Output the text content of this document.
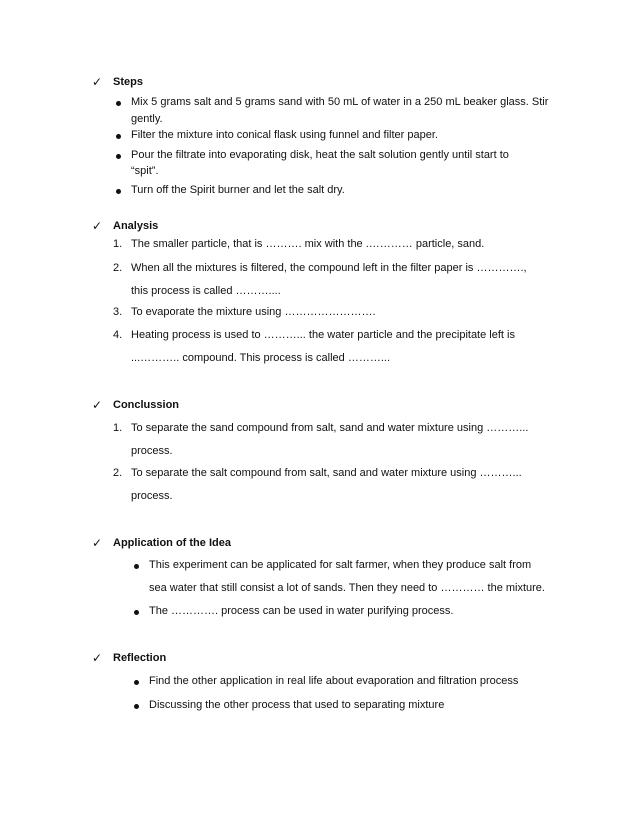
✓ Steps
Mix 5 grams salt and 5 grams sand with 50 mL of water in a 250 mL beaker glass. Stir
gently.
Filter the mixture into conical flask using funnel and filter paper.
Pour the filtrate into evaporating disk, heat the salt solution gently until start to
“spit”.
Turn off the Spirit burner and let the salt dry.
✓ Analysis
1. The smaller particle, that is ………. mix with the .………… particle, sand.
2. When all the mixtures is filtered, the compound left in the filter paper is ………….,
this process is called ………....
3. To evaporate the mixture using …………………….
4. Heating process is used to ………... the water particle and the precipitate left is
...……….. compound. This process is called ………...
✓ Conclussion
1. To separate the sand compound from salt, sand and water mixture using ………...
process.
2. To separate the salt compound from salt, sand and water mixture using ………...
process.
✓ Application of the Idea
This experiment can be applicated for salt farmer, when they produce salt from
sea water that still consist a lot of sands. Then they need to ………… the mixture.
The …………. process can be used in water purifying process.
✓ Reflection
Find the other application in real life about evaporation and filtration process
Discussing the other process that used to separating mixture
